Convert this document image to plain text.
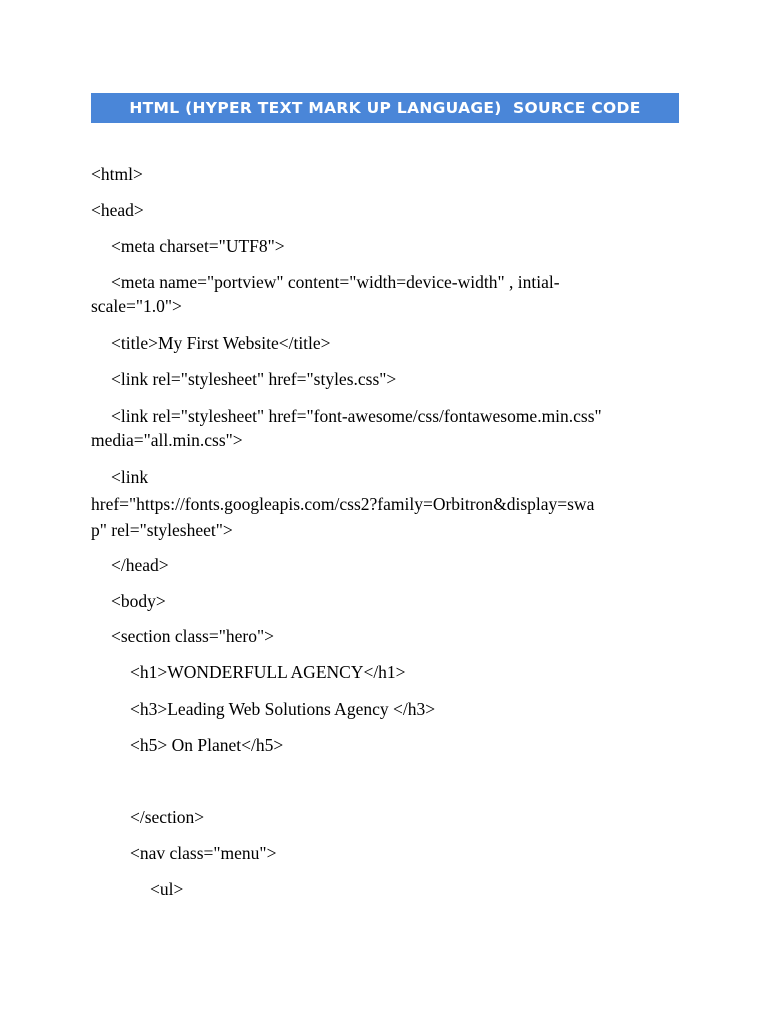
HTML (HYPER TEXT MARK UP LANGUAGE)  SOURCE CODE
<html>
<head>
<meta charset="UTF8">
<meta name="portview" content="width=device-width" , intial-
scale="1.0">
<title>My First Website</title>
<link rel="stylesheet" href="styles.css">
<link rel="stylesheet" href="font-awesome/css/fontawesome.min.css"
media="all.min.css">
<link
href="https://fonts.googleapis.com/css2?family=Orbitron&display=swa
p" rel="stylesheet">
</head>
<body>
<section class="hero">
<h1>WONDERFULL AGENCY</h1>
<h3>Leading Web Solutions Agency </h3>
<h5> On Planet</h5>
</section>
<nav class="menu">
<ul>
